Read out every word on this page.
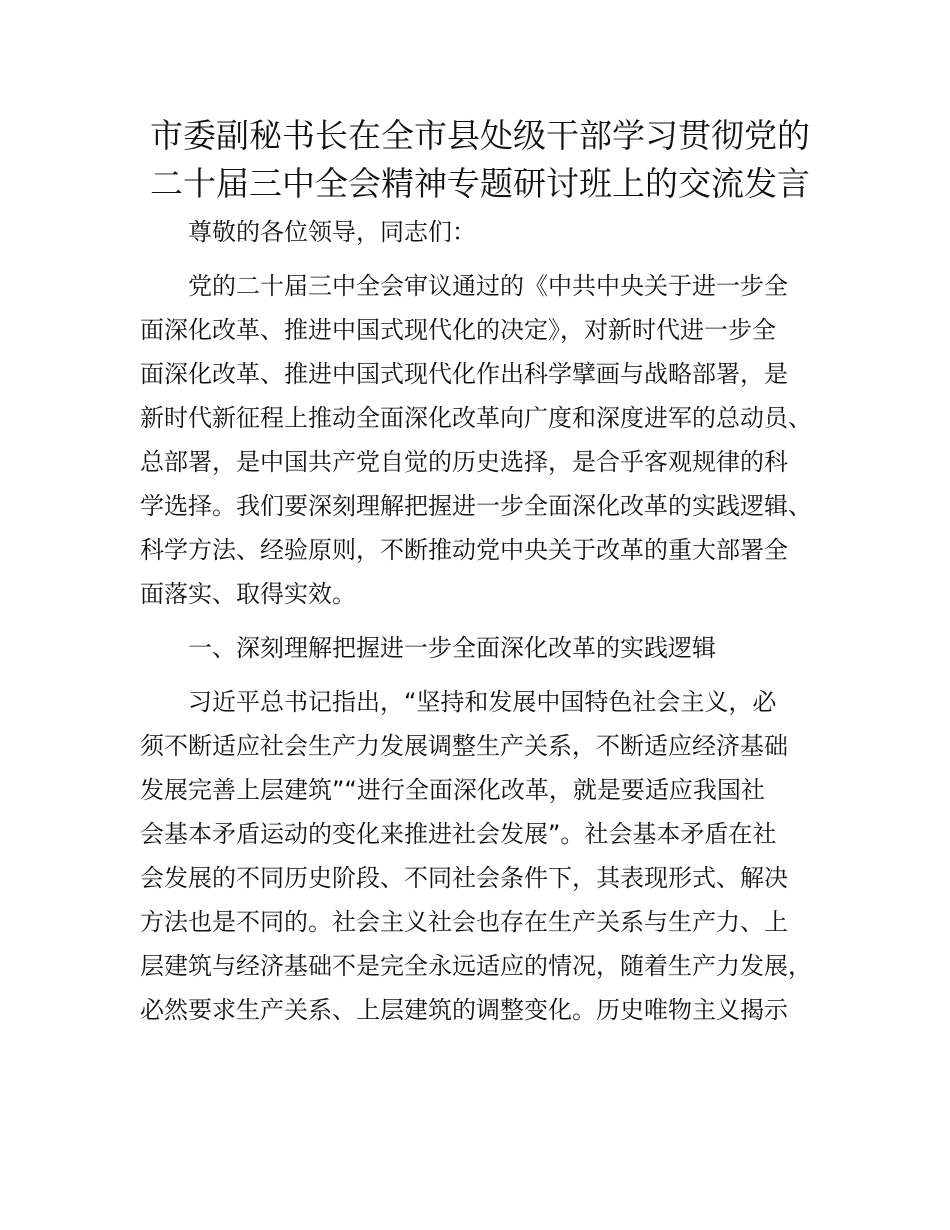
市委副秘书长在全市县处级干部学习贯彻党的
二十届三中全会精神专题研讨班上的交流发言

尊敬的各位领导，同志们：

党的二十届三中全会审议通过的《中共中央关于进一步全
面深化改革、推进中国式现代化的决定》，对新时代进一步全
面深化改革、推进中国式现代化作出科学擘画与战略部署，是
新时代新征程上推动全面深化改革向广度和深度进军的总动员、
总部署，是中国共产党自觉的历史选择，是合乎客观规律的科
学选择。我们要深刻理解把握进一步全面深化改革的实践逻辑、
科学方法、经验原则，不断推动党中央关于改革的重大部署全
面落实、取得实效。

一、深刻理解把握进一步全面深化改革的实践逻辑

习近平总书记指出，“坚持和发展中国特色社会主义，必
须不断适应社会生产力发展调整生产关系，不断适应经济基础
发展完善上层建筑”“进行全面深化改革，就是要适应我国社
会基本矛盾运动的变化来推进社会发展”。社会基本矛盾在社
会发展的不同历史阶段、不同社会条件下，其表现形式、解决
方法也是不同的。社会主义社会也存在生产关系与生产力、上
层建筑与经济基础不是完全永远适应的情况，随着生产力发展，
必然要求生产关系、上层建筑的调整变化。历史唯物主义揭示
